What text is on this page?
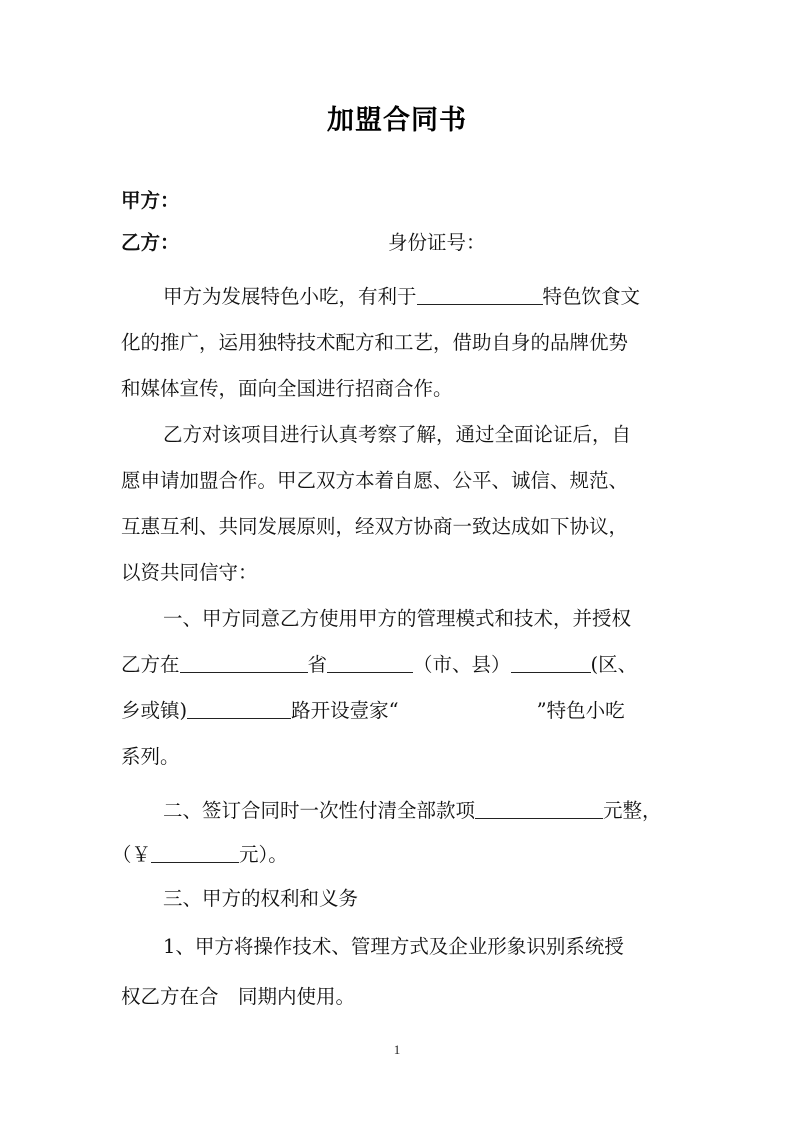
加盟合同书
甲方：
乙方：	身份证号：
甲方为发展特色小吃，有利于	特色饮食文
化的推广，运用独特技术配方和工艺，借助自身的品牌优势
和媒体宣传，面向全国进行招商合作。
乙方对该项目进行认真考察了解，通过全面论证后，自
愿申请加盟合作。甲乙双方本着自愿、公平、诚信、规范、
互惠互利、共同发展原则，经双方协商一致达成如下协议，
以资共同信守：
一、甲方同意乙方使用甲方的管理模式和技术，并授权
乙方在	省	（市、县）	(区、
乡或镇)	路开设壹家“	”特色小吃
系列。
二、签订合同时一次性付清全部款项	元整，
（￥	元）。
三、甲方的权利和义务
1、甲方将操作技术、管理方式及企业形象识别系统授
权乙方在合　同期内使用。
1
